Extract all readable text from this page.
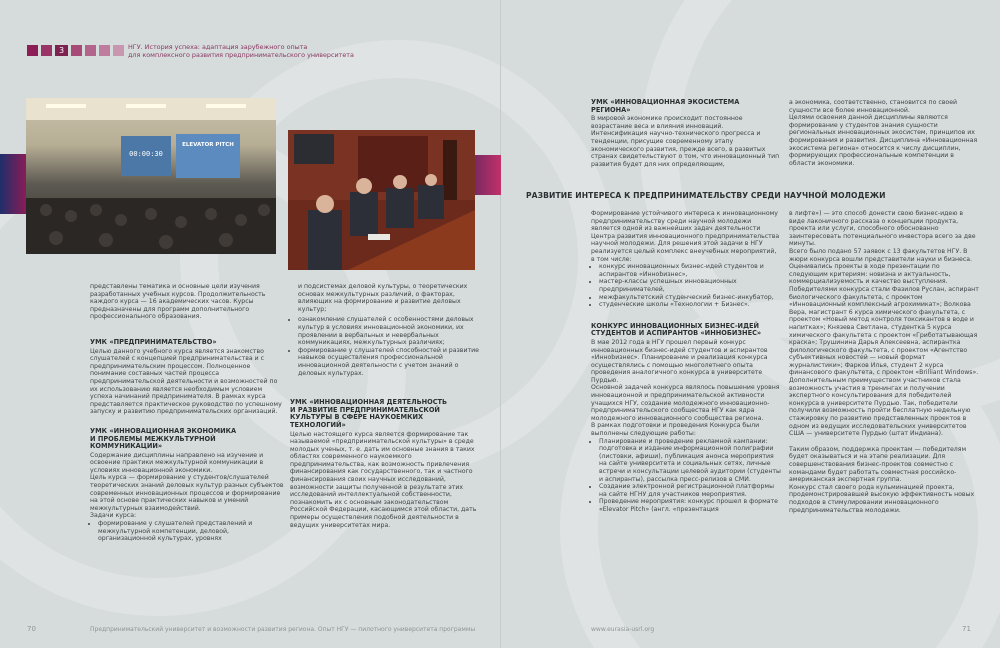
3	НГУ. История успеха: адаптация зарубежного опыта
для комплексного развития предпринимательского университета
00:00:30
ELEVATOR PITCH

представлены тематика и основные цели изучения разработанных учебных курсов. Продолжительность каждого курса — 16 академических часов. Курсы предназначены для программ дополнительного профессионального образования.

УМК «ПРЕДПРИНИМАТЕЛЬСТВО»

Целью данного учебного курса является знакомство слушателей с концепцией предпринимательства и с предпринимательским процессом. Полноценное понимание составных частей процесса предпринимательской деятельности и возможностей по их использованию является необходимым условием успеха начинаний предпринимателя. В рамках курса представляется практическое руководство по успешному запуску и развитию предпринимательских организаций.

УМК «ИННОВАЦИОННАЯ ЭКОНОМИКА
И ПРОБЛЕМЫ МЕЖКУЛЬТУРНОЙ
КОММУНИКАЦИИ»

Содержание дисциплины направлено на изучение и освоение практики межкультурной коммуникации в условиях инновационной экономики.

Цель курса — формирование у студентов/слушателей теоретических знаний деловых культур разных субъектов современных инновационных процессов и формирование на этой основе практических навыков и умений межкультурных взаимодействий.

Задачи курса:

• формирование у слушателей представлений и межкультурной компетенции, деловой, организационной культурах, уровнях

и подсистемах деловой культуры, о теоретических основах межкультурных различий, о факторах, влияющих на формирование и развитие деловых культур;

• ознакомление слушателей с особенностями деловых культур в условиях инновационной экономики, их проявлении в вербальных и невербальных коммуникациях, межкультурных различиях;
• формирование у слушателей способностей и развитие навыков осуществления профессиональной инновационной деятельности с учетом знаний о деловых культурах.
УМК «ИННОВАЦИОННАЯ ДЕЯТЕЛЬНОСТЬ
И РАЗВИТИЕ ПРЕДПРИНИМАТЕЛЬСКОЙ
КУЛЬТУРЫ В СФЕРЕ НАУКОЕМКИХ
ТЕХНОЛОГИЙ»

Целью настоящего курса является формирование так называемой «предпринимательской культуры» в среде молодых ученых, т. е. дать им основные знания в таких областях современного наукоемкого предпринимательства, как возможность привлечения финансирования как государственного, так и частного финансирования своих научных исследований, возможности защиты полученной в результате этих исследований интеллектуальной собственности, познакомить их с основным законодательством Российской Федерации, касающимся этой области, дать примеры осуществления подобной деятельности в ведущих университетах мира.

УМК «ИННОВАЦИОННАЯ ЭКОСИСТЕМА
РЕГИОНА»

В мировой экономике происходит постоянное возрастание веса и влияния инноваций. Интенсификация научно-технического прогресса и тенденции, присущие современному этапу экономического развития, прежде всего, в развитых странах свидетельствуют о том, что инновационный тип развития будет для них определяющим,

а экономика, соответственно, становится по своей сущности все более инновационной.

Целями освоения данной дисциплины являются формирование у студентов знания сущности региональных инновационных экосистем, принципов их формирования и развития. Дисциплина «Инновационная экосистема региона» относится к числу дисциплин, формирующих профессиональные компетенции в области экономики.

РАЗВИТИЕ ИНТЕРЕСА К ПРЕДПРИНИМАТЕЛЬСТВУ СРЕДИ НАУЧНОЙ МОЛОДЕЖИ

Формирование устойчивого интереса к инновационному предпринимательству среди научной молодежи является одной из важнейших задач деятельности Центра развития инновационного предпринимательства научной молодежи. Для решения этой задачи в НГУ реализуется целый комплекс внеучебных мероприятий, в том числе:

• конкурс инновационных бизнес-идей студентов и аспирантов «Инноbизнес»,
• мастер-классы успешных инновационных предпринимателей,
• межфакультетский студенческий бизнес-инкубатор,
• студенческие школы «Технологии + Бизнес».
КОНКУРС ИННОВАЦИОННЫХ БИЗНЕС-ИДЕЙ
СТУДЕНТОВ И АСПИРАНТОВ «ИННОБИЗНЕС»

В мае 2012 года в НГУ прошел первый конкурс инновационных бизнес-идей студентов и аспирантов «Инноbизнес». Планирование и реализация конкурса осуществлялись с помощью многолетнего опыта проведения аналогичного конкурса в университете Пурдью.

Основной задачей конкурса являлось повышение уровня инновационной и предпринимательской активности учащихся НГУ, создание молодежного инновационно-предпринимательского сообщества НГУ как ядра молодежного инновационного сообщества региона.

В рамках подготовки и проведения Конкурса были выполнены следующие работы:

• Планирование и проведение рекламной кампании: подготовка и издание информационной полиграфии (листовки, афиши), публикация анонса мероприятия на сайте университета и социальных сетях, личные встречи и консультации целевой аудитории (студенты и аспиранты), рассылка пресс-релизов в СМИ.
• Создание электронной регистрационной платформы на сайте НГНУ для участников мероприятия.
• Проведение мероприятия: конкурс прошел в формате «Elevator Pitch» (англ. «презентация

в лифте») — это способ донести свою бизнес-идею в виде лаконичного рассказа о концепции продукта, проекта или услуги, способного обоснованно заинтересовать потенциального инвестора всего за две минуты.

Всего было подано 57 заявок с 13 факультетов НГУ. В жюри конкурса вошли представители науки и бизнеса. Оценивались проекты в ходе презентации по следующим критериям: новизна и актуальность, коммерциализуемость и качество выступления. Победителями конкурса стали Фазилов Руслан, аспирант биологического факультета, с проектом «Инновационный комплексный агрохимикат»; Волкова Вера, магистрант 6 курса химического факультета, с проектом «Новый метод контроля токсикантов в воде и напитках»; Князева Светлана, студентка 5 курса химического факультета с проектом «Гриботатывающая краска»; Трушинина Дарья Алексеевна, аспирантка филологического факультета, с проектом «Агентство субъективных новостей — новый формат журналистики»; Фарков Илья, студент 2 курса финансового факультета, с проектом «Brilliant Windows».

Дополнительным преимуществом участников стала возможность участия в тренингах и получении экспертного консультирования для победителей конкурса в университете Пурдью. Так, победители получили возможность пройти бесплатную недельную стажировку по развитию представленных проектов в одном из ведущих исследовательских университетов США — университете Пурдью (штат Индиана).

Таким образом, поддержка проектам — победителям будет оказываться и на этапе реализации. Для совершенствования бизнес-проектов совместно с командами будет работать совместная российско-американская экспертная группа.

Конкурс стал своего рода кульминацией проекта, продемонстрировавшей высокую эффективность новых подходов в стимулировании инновационного предпринимательства молодежи.

70	Предпринимательский университет и возможности развития региона. Опыт НГУ — пилотного университета программы	www.eurasia-usrl.org	71
